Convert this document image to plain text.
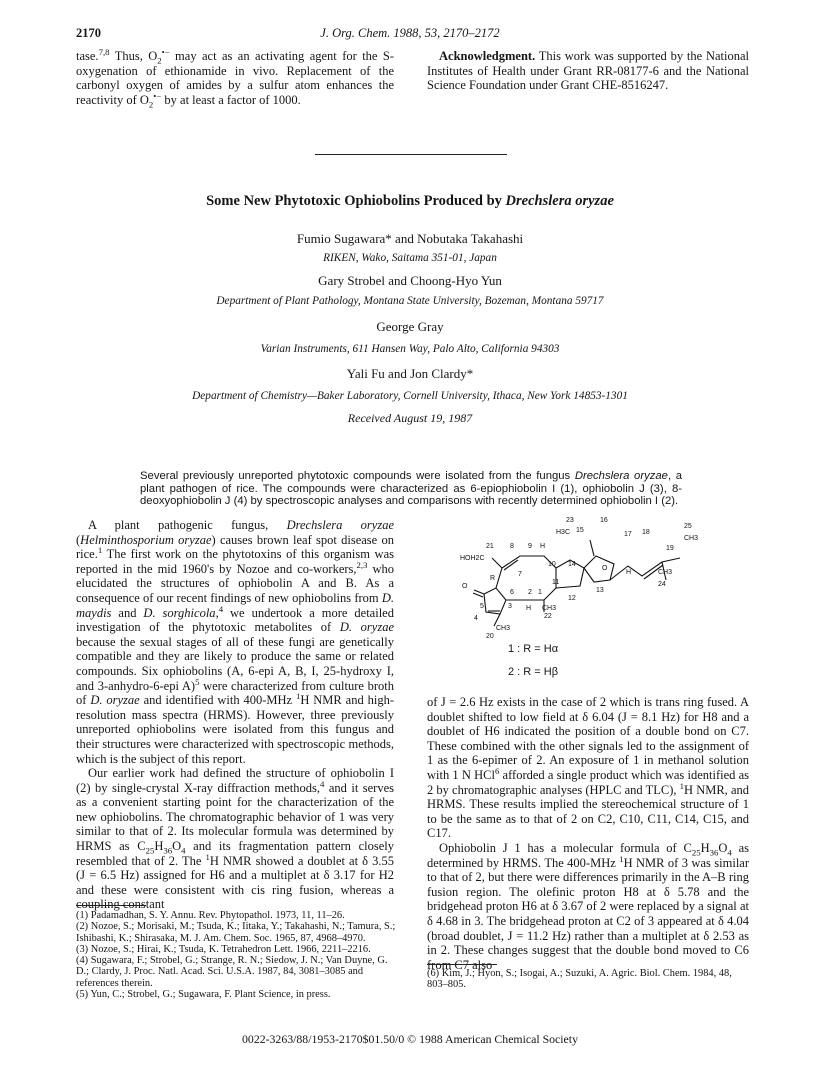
2170	J. Org. Chem. 1988, 53, 2170–2172

tase.$^{7,8}$ Thus, $O_2^{•-}$ may act as an activating agent for the S-oxygenation of ethionamide in vivo. Replacement of the carbonyl oxygen of amides by a sulfur atom enhances the reactivity of $O_2^{•-}$ by at least a factor of 1000.

Acknowledgment. This work was supported by the National Institutes of Health under Grant RR-08177-6 and the National Science Foundation under Grant CHE-8516247.

Some New Phytotoxic Ophiobolins Produced by Drechslera oryzae
Fumio Sugawara* and Nobutaka Takahashi
RIKEN, Wako, Saitama 351-01, Japan
Gary Strobel and Choong-Hyo Yun
Department of Plant Pathology, Montana State University, Bozeman, Montana 59717
George Gray
Varian Instruments, 611 Hansen Way, Palo Alto, California 94303
Yali Fu and Jon Clardy*
Department of Chemistry—Baker Laboratory, Cornell University, Ithaca, New York 14853-1301
Received August 19, 1987
Several previously unreported phytotoxic compounds were isolated from the fungus Drechslera oryzae, a plant pathogen of rice. The compounds were characterized as 6-epiophiobolin I (1), ophiobolin J (3), 8-deoxyophiobolin J (4) by spectroscopic analyses and comparisons with recently determined ophiobolin I (2).

A plant pathogenic fungus, Drechslera oryzae (Helminthosporium oryzae) causes brown leaf spot disease on rice.$^1$ The first work on the phytotoxins of this organism was reported in the mid 1960's by Nozoe and co-workers,$^{2,3}$ who elucidated the structures of ophiobolin A and B. As a consequence of our recent findings of new ophiobolins from D. maydis and D. sorghicola,$^4$ we undertook a more detailed investigation of the phytotoxic metabolites of D. oryzae because the sexual stages of all of these fungi are genetically compatible and they are likely to produce the same or related compounds. Six ophiobolins (A, 6-epi A, B, I, 25-hydroxy I, and 3-anhydro-6-epi A)$^5$ were characterized from culture broth of D. oryzae and identified with 400-MHz $^1$H NMR and high-resolution mass spectra (HRMS). However, three previously unreported ophiobolins were isolated from this fungus and their structures were characterized with spectroscopic methods, which is the subject of this report.

Our earlier work had defined the structure of ophiobolin I (2) by single-crystal X-ray diffraction methods,$^4$ and it serves as a convenient starting point for the characterization of the new ophiobolins. The chromatographic behavior of 1 was very similar to that of 2. Its molecular formula was determined by HRMS as $C_{25}H_{36}O_4$ and its fragmentation pattern closely resembled that of 2. The $^1$H NMR showed a doublet at δ 3.55 (J = 6.5 Hz) assigned for H6 and a multiplet at δ 3.17 for H2 and these were consistent with cis ring fusion, whereas a coupling constant

23
H3C 15
16
25
CH3
17 18
19
21 8 9 H
HOH2C
10 14
7
O
H	CH3
R
13
24
11
O
6 2 1
12
5	3 H CH3
22
4
CH3
20
1 : R = Hα
2 : R = Hβ

of J = 2.6 Hz exists in the case of 2 which is trans ring fused. A doublet shifted to low field at δ 6.04 (J = 8.1 Hz) for H8 and a doublet of H6 indicated the position of a double bond on C7. These combined with the other signals led to the assignment of 1 as the 6-epimer of 2. An exposure of 1 in methanol solution with 1 N HCl$^6$ afforded a single product which was identified as 2 by chromatographic analyses (HPLC and TLC), $^1$H NMR, and HRMS. These results implied the stereochemical structure of 1 to be the same as to that of 2 on C2, C10, C11, C14, C15, and C17.

Ophiobolin J 1 has a molecular formula of $C_{25}H_{36}O_4$ as determined by HRMS. The 400-MHz $^1$H NMR of 3 was similar to that of 2, but there were differences primarily in the A–B ring fusion region. The olefinic proton H8 at δ 5.78 and the bridgehead proton H6 at δ 3.67 of 2 were replaced by a signal at δ 4.68 in 3. The bridgehead proton at C2 of 3 appeared at δ 4.04 (broad doublet, J = 11.2 Hz) rather than a multiplet at δ 2.53 as in 2. These changes suggest that the double bond moved to C6 from C7 also

(1) Padamadhan, S. Y. Annu. Rev. Phytopathol. 1973, 11, 11–26.
(2) Nozoe, S.; Morisaki, M.; Tsuda, K.; Iitaka, Y.; Takahashi, N.; Tamura, S.; Ishibashi, K.; Shirasaka, M. J. Am. Chem. Soc. 1965, 87, 4968–4970.
(3) Nozoe, S.; Hirai, K.; Tsuda, K. Tetrahedron Lett. 1966, 2211–2216.
(4) Sugawara, F.; Strobel, G.; Strange, R. N.; Siedow, J. N.; Van Duyne, G. D.; Clardy, J. Proc. Natl. Acad. Sci. U.S.A. 1987, 84, 3081–3085 and references therein.
(5) Yun, C.; Strobel, G.; Sugawara, F. Plant Science, in press.
(6) Kim, J.; Hyon, S.; Isogai, A.; Suzuki, A. Agric. Biol. Chem. 1984, 48, 803–805.
0022-3263/88/1953-2170$01.50/0 © 1988 American Chemical Society
